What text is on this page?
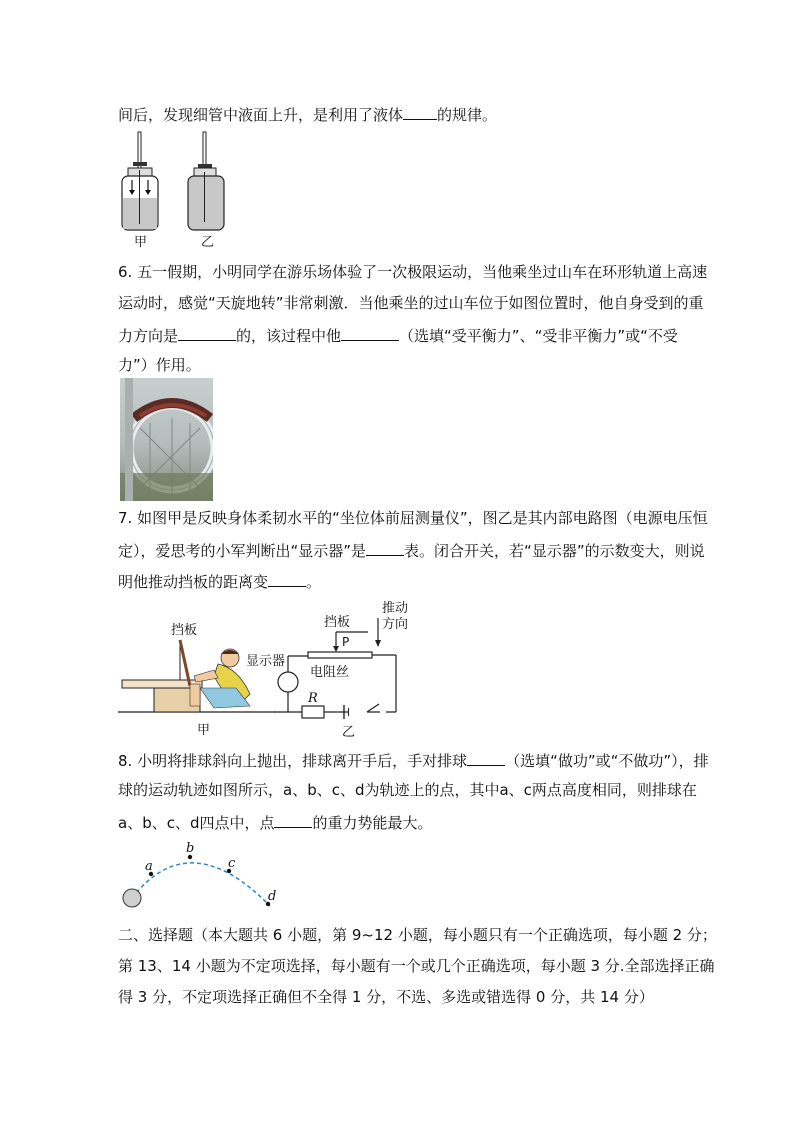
间后，发现细管中液面上升，是利用了液体 的规律。
甲	乙
6. 五一假期，小明同学在游乐场体验了一次极限运动，当他乘坐过山车在环形轨道上高速
运动时，感觉“天旋地转”非常刺激．当他乘坐的过山车位于如图位置时，他自身受到的重
力方向是	的，该过程中他	（选填“受平衡力”、“受非平衡力”或“不受
力”）作用。
7. 如图甲是反映身体柔韧水平的“坐位体前屈测量仪”，图乙是其内部电路图（电源电压恒
定），爱思考的小军判断出“显示器”是	表。闭合开关，若“显示器”的示数变大，则说
明他推动挡板的距离变	。
挡板
显示器
甲
挡板
推动
方向
P
电阻丝
R
乙
8. 小明将排球斜向上抛出，排球离开手后，手对排球	（选填“做功”或“不做功”），排
球的运动轨迹如图所示，a、b、c、d为轨迹上的点，其中a、c两点高度相同，则排球在
a、b、c、d四点中，点	的重力势能最大。
a
b
c
d
二、选择题（本大题共 6 小题，第 9~12 小题，每小题只有一个正确选项，每小题 2 分；
第 13、14 小题为不定项选择，每小题有一个或几个正确选项，每小题 3 分.全部选择正确
得 3 分，不定项选择正确但不全得 1 分，不选、多选或错选得 0 分，共 14 分）
